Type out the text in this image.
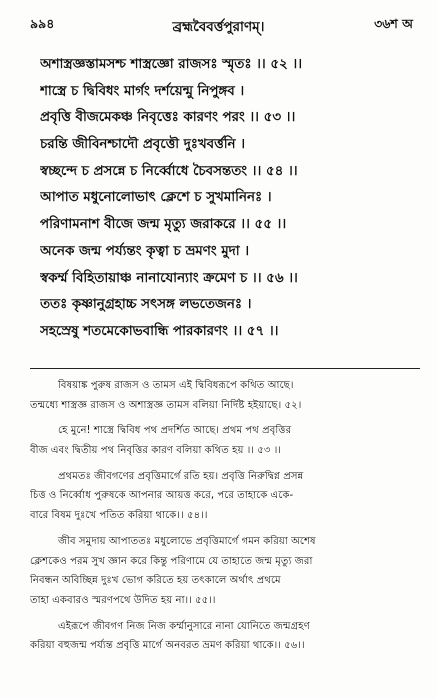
৯৯৪	ব্রহ্মবৈবর্ত্তপুরাণম্।	৩৬শ অ
অশাস্ত্রজ্ঞস্তামসশ্চ শাস্ত্রজ্ঞো রাজসঃ স্মৃতঃ ।। ৫২ ।।
শাস্ত্রে চ দ্বিবিধং মার্গং দর্শয়েন্মু নিপুঙ্গব ।
প্রবৃত্তি বীজমেকঞ্চ নিবৃত্তেঃ কারণং পরং ।। ৫৩ ।।
চরন্তি জীবিনশ্চাদৌ প্রবৃত্তৌ দুঃখবর্ত্তনি ।
স্বচ্ছন্দে চ প্রসন্নে চ নির্ব্বোধে চৈবসন্ততং ।। ৫৪ ।।
আপাত মধুনোলোভাৎ ক্লেশে চ সুখমানিনঃ ।
পরিণামনাশ বীজে জন্ম মৃত্যু জরাকরে ।। ৫৫ ।।
অনেক জন্ম পর্য্যন্তং কৃত্বা চ ভ্রমণং মুদা ।
স্বকর্ম্ম বিহিতায়াঞ্চ নানাযোন্যাং ক্রমেণ চ ।। ৫৬ ।।
ততঃ কৃষ্ণানুগ্রহাচ্চ সৎসঙ্গ লভতেজনঃ ।
সহস্রেষু শতমেকোভবান্ধি পারকারণং ।। ৫৭ ।।
বিষয়াঙ্ক পুরুষ রাজস ও তামস এই দ্বিবিধরূপে কথিত আছে।
তন্মধ্যে শাস্ত্রজ্ঞ রাজস ও অশাস্ত্রজ্ঞ তামস বলিয়া নির্দিষ্ট হইয়াছে। ৫২।
হে মুনে! শাস্ত্রে দ্বিবিধ পথ প্রদর্শিত আছে। প্রথম পথ প্রবৃত্তির
বীজ এবং দ্বিতীয় পথ নিবৃত্তির কারণ বলিয়া কথিত হয় ।। ৫৩ ।।
প্রথমতঃ জীবগণের প্রবৃত্তিমার্গে রতি হয়। প্রবৃত্তি নিরুদ্বিগ্ন প্রসন্ন
চিত্ত ও নির্ব্বোধ পুরুষকে আপনার আয়ত্ত করে, পরে তাহাকে একে-
বারে বিষম দুঃখে পতিত করিয়া থাকে।। ৫৪।।
জীব সমুদায় আপাততঃ মধুলোভে প্রবৃত্তিমার্গে গমন করিয়া অশেষ
ক্লেশকেও পরম সুখ জ্ঞান করে কিন্তু পরিণামে যে তাহাতে জন্ম মৃত্যু জরা
নিবন্ধন অবিচ্ছিন্ন দুঃখ ভোগ করিতে হয় তৎকালে অর্থাৎ প্রথমে
তাহা একবারও স্মরণপথে উদিত হয় না।। ৫৫।।
এইরূপে জীবগণ নিজ নিজ কর্ম্মানুসারে নানা যোনিতে জন্মগ্রহণ
করিয়া বহুজন্ম পর্য্যন্ত প্রবৃত্তি মার্গে অনবরত ভ্রমণ করিয়া থাকে।। ৫৬।।
